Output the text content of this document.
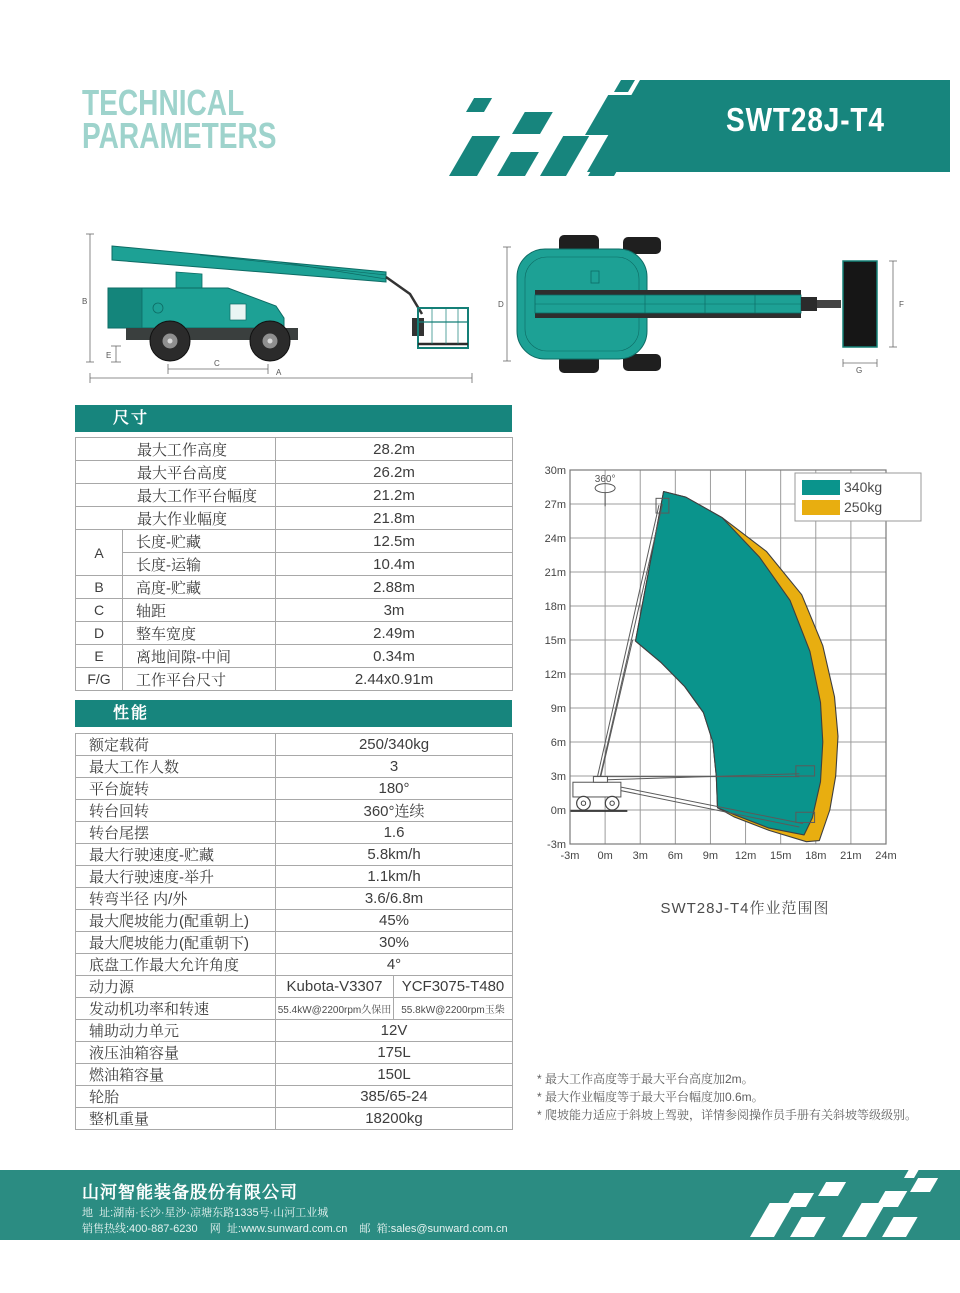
TECHNICAL
PARAMETERS	SWT28J-T4
B
A
C
E
D	F
G
尺寸
最大工作高度		28.2m
最大平台高度		26.2m
最大工作平台幅度		21.2m
最大作业幅度		21.8m
A	长度-贮藏	12.5m
	长度-运输	10.4m
B	高度-贮藏	2.88m
C	轴距	3m
D	整车宽度	2.49m
E	离地间隙-中间	0.34m
F/G	工作平台尺寸	2.44x0.91m
性能
额定载荷	250/340kg	
最大工作人数	3	
平台旋转	180°	
转台回转	360°连续	
转台尾摆	1.6	
最大行驶速度-贮藏	5.8km/h	
最大行驶速度-举升	1.1km/h	
转弯半径 内/外	3.6/6.8m	
最大爬坡能力(配重朝上)	45%	
最大爬坡能力(配重朝下)	30%	
底盘工作最大允许角度	4°	
动力源	Kubota-V3307	YCF3075-T480
发动机功率和转速	55.4kW@2200rpm久保田	55.8kW@2200rpm玉柴
辅助动力单元	12V	
液压油箱容量	175L	
燃油箱容量	150L	
轮胎	385/65-24	
整机重量	18200kg	
360°
30m
27m
24m
21m
18m
15m
12m
9m
6m
3m
0m
-3m
-3m 0m 3m 6m 9m 12m 15m 18m 21m 24m
340kg
250kg
SWT28J-T4作业范围图
* 最大工作高度等于最大平台高度加2m。
* 最大作业幅度等于最大平台幅度加0.6m。
* 爬坡能力适应于斜坡上驾驶，详情参阅操作员手册有关斜坡等级级别。
山河智能装备股份有限公司
地  址:湖南·长沙·星沙·凉塘东路1335号·山河工业城
销售热线:400-887-6230    网  址:www.sunward.com.cn    邮  箱:sales@sunward.com.cn
